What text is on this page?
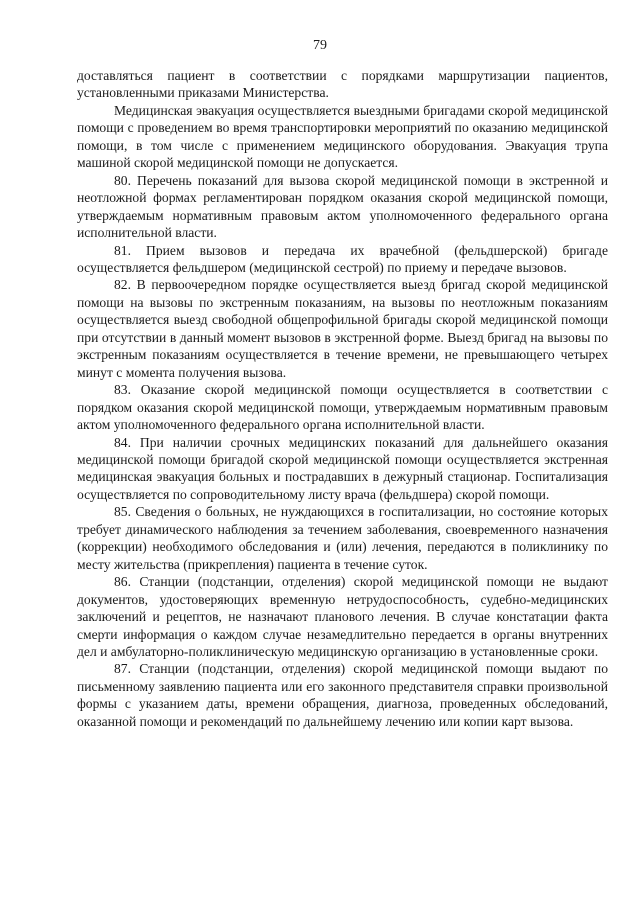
79

доставляться пациент в соответствии с порядками маршрутизации пациентов, установленными приказами Министерства.

Медицинская эвакуация осуществляется выездными бригадами скорой медицинской помощи с проведением во время транспортировки мероприятий по оказанию медицинской помощи, в том числе с применением медицинского оборудования. Эвакуация трупа машиной скорой медицинской помощи не допускается.

80. Перечень показаний для вызова скорой медицинской помощи в экстренной и неотложной формах регламентирован порядком оказания скорой медицинской помощи, утверждаемым нормативным правовым актом уполномоченного федерального органа исполнительной власти.

81. Прием вызовов и передача их врачебной (фельдшерской) бригаде осуществляется фельдшером (медицинской сестрой) по приему и передаче вызовов.

82. В первоочередном порядке осуществляется выезд бригад скорой медицинской помощи на вызовы по экстренным показаниям, на вызовы по неотложным показаниям осуществляется выезд свободной общепрофильной бригады скорой медицинской помощи при отсутствии в данный момент вызовов в экстренной форме. Выезд бригад на вызовы по экстренным показаниям осуществляется в течение времени, не превышающего четырех минут с момента получения вызова.

83. Оказание скорой медицинской помощи осуществляется в соответствии с порядком оказания скорой медицинской помощи, утверждаемым нормативным правовым актом уполномоченного федерального органа исполнительной власти.

84. При наличии срочных медицинских показаний для дальнейшего оказания медицинской помощи бригадой скорой медицинской помощи осуществляется экстренная медицинская эвакуация больных и пострадавших в дежурный стационар. Госпитализация осуществляется по сопроводительному листу врача (фельдшера) скорой помощи.

85. Сведения о больных, не нуждающихся в госпитализации, но состояние которых требует динамического наблюдения за течением заболевания, своевременного назначения (коррекции) необходимого обследования и (или) лечения, передаются в поликлинику по месту жительства (прикрепления) пациента в течение суток.

86. Станции (подстанции, отделения) скорой медицинской помощи не выдают документов, удостоверяющих временную нетрудоспособность, судебно-медицинских заключений и рецептов, не назначают планового лечения. В случае констатации факта смерти информация о каждом случае незамедлительно передается в органы внутренних дел и амбулаторно-поликлиническую медицинскую организацию в установленные сроки.

87. Станции (подстанции, отделения) скорой медицинской помощи выдают по письменному заявлению пациента или его законного представителя справки произвольной формы с указанием даты, времени обращения, диагноза, проведенных обследований, оказанной помощи и рекомендаций по дальнейшему лечению или копии карт вызова.
